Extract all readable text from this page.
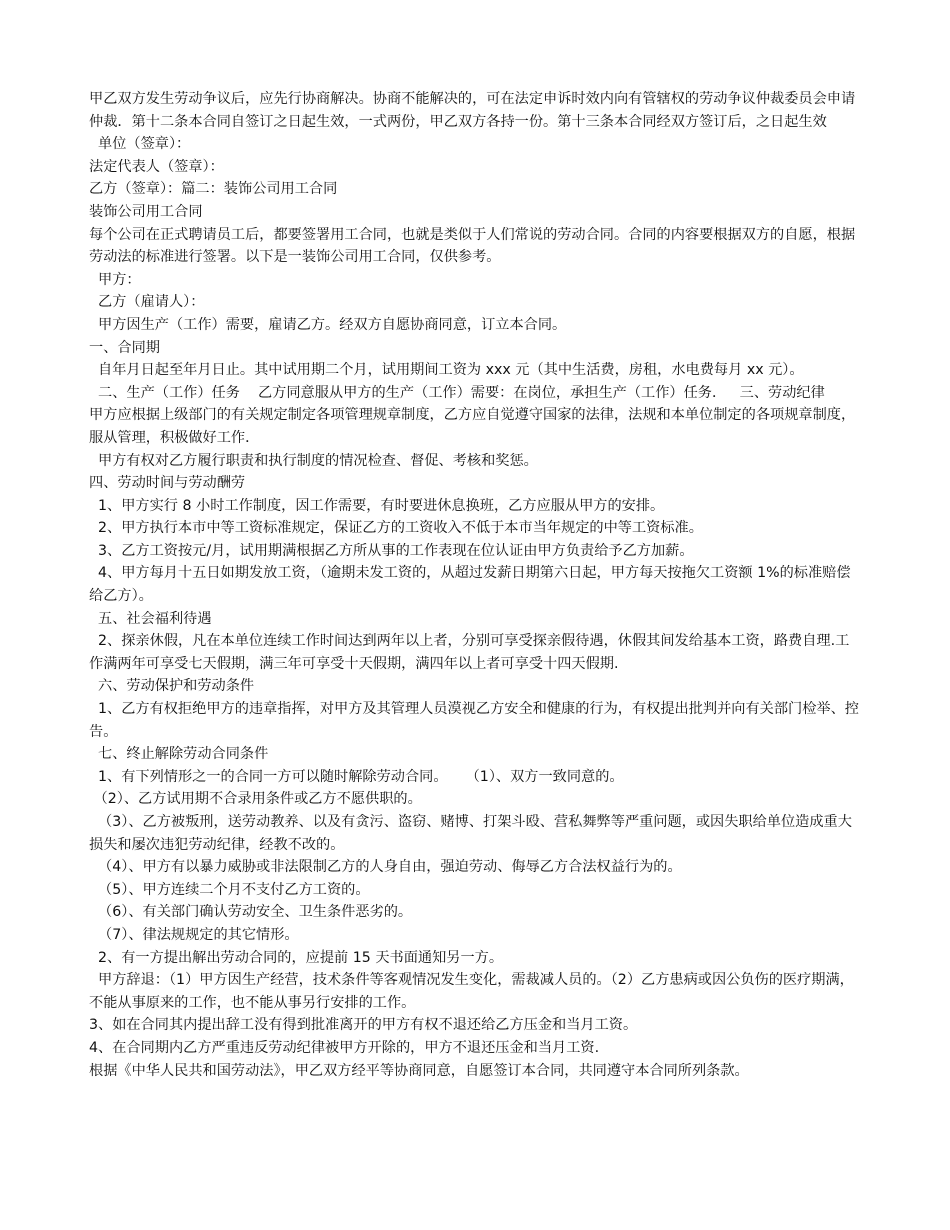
甲乙双方发生劳动争议后，应先行协商解决。协商不能解决的，可在法定申诉时效内向有管辖权的劳动争议仲裁委员会申请仲裁．第十二条本合同自签订之日起生效，一式两份，甲乙双方各持一份。第十三条本合同经双方签订后，之日起生效
单位（签章）：
法定代表人（签章）：
乙方（签章）：篇二：装饰公司用工合同
装饰公司用工合同
每个公司在正式聘请员工后，都要签署用工合同，也就是类似于人们常说的劳动合同。合同的内容要根据双方的自愿，根据劳动法的标准进行签署。以下是一装饰公司用工合同，仅供参考。
甲方：
乙方（雇请人）：
甲方因生产（工作）需要，雇请乙方。经双方自愿协商同意，订立本合同。
一、合同期
自年月日起至年月日止。其中试用期二个月，试用期间工资为 xxx 元（其中生活费，房租，水电费每月 xx 元）。
二、生产（工作）任务    乙方同意服从甲方的生产（工作）需要：在岗位，承担生产（工作）任务．   三、劳动纪律
甲方应根据上级部门的有关规定制定各项管理规章制度，乙方应自觉遵守国家的法律，法规和本单位制定的各项规章制度，服从管理，积极做好工作．
甲方有权对乙方履行职责和执行制度的情况检查、督促、考核和奖惩。
四、劳动时间与劳动酬劳
1、甲方实行 8 小时工作制度，因工作需要，有时要进休息换班，乙方应服从甲方的安排。
2、甲方执行本市中等工资标准规定，保证乙方的工资收入不低于本市当年规定的中等工资标准。
3、乙方工资按元/月，试用期满根据乙方所从事的工作表现在位认证由甲方负责给予乙方加薪。
4、甲方每月十五日如期发放工资，（逾期未发工资的，从超过发薪日期第六日起，甲方每天按拖欠工资额 1%的标准赔偿给乙方）。
五、社会福利待遇
2、探亲休假，凡在本单位连续工作时间达到两年以上者，分别可享受探亲假待遇，休假其间发给基本工资，路费自理.工作满两年可享受七天假期，满三年可享受十天假期，满四年以上者可享受十四天假期.
六、劳动保护和劳动条件
1、乙方有权拒绝甲方的违章指挥，对甲方及其管理人员漠视乙方安全和健康的行为，有权提出批判并向有关部门检举、控告。
七、终止解除劳动合同条件
1、有下列情形之一的合同一方可以随时解除劳动合同。    （1）、双方一致同意的。
（2）、乙方试用期不合录用条件或乙方不愿供职的。
（3）、乙方被叛刑，送劳动教养、以及有贪污、盗窃、赌博、打架斗殴、营私舞弊等严重问题，或因失职给单位造成重大损失和屡次违犯劳动纪律，经教不改的。
（4）、甲方有以暴力威胁或非法限制乙方的人身自由，强迫劳动、侮辱乙方合法权益行为的。
（5）、甲方连续二个月不支付乙方工资的。
（6）、有关部门确认劳动安全、卫生条件恶劣的。
（7）、律法规规定的其它情形。
2、有一方提出解出劳动合同的，应提前 15 天书面通知另一方。
甲方辞退：（1）甲方因生产经营，技术条件等客观情况发生变化，需裁减人员的。（2）乙方患病或因公负伤的医疗期满，不能从事原来的工作，也不能从事另行安排的工作。
3、如在合同其内提出辞工没有得到批准离开的甲方有权不退还给乙方压金和当月工资。
4、在合同期内乙方严重违反劳动纪律被甲方开除的，甲方不退还压金和当月工资.
根据《中华人民共和国劳动法》，甲乙双方经平等协商同意，自愿签订本合同，共同遵守本合同所列条款。
